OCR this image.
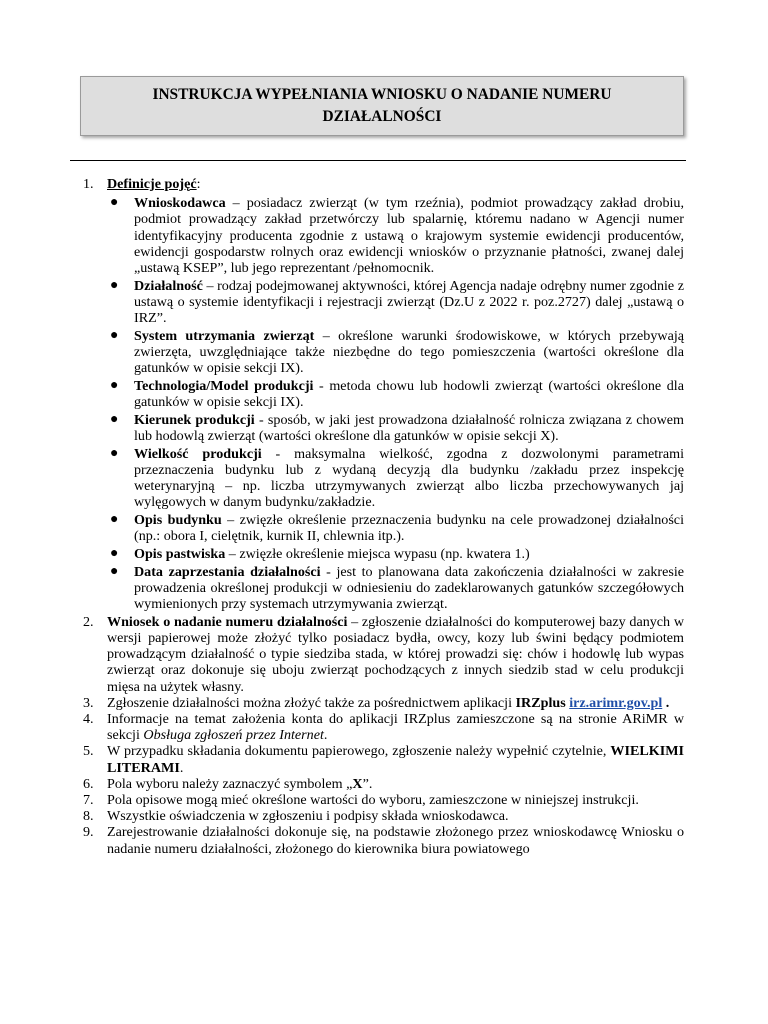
INSTRUKCJA WYPEŁNIANIA WNIOSKU O NADANIE NUMERU DZIAŁALNOŚCI
1. Definicje pojęć:
● Wnioskodawca – posiadacz zwierząt (w tym rzeźnia), podmiot prowadzący zakład drobiu, podmiot prowadzący zakład przetwórczy lub spalarnię, któremu nadano w Agencji numer identyfikacyjny producenta zgodnie z ustawą o krajowym systemie ewidencji producentów, ewidencji gospodarstw rolnych oraz ewidencji wniosków o przyznanie płatności, zwanej dalej „ustawą KSEP”, lub jego reprezentant /pełnomocnik.
● Działalność – rodzaj podejmowanej aktywności, której Agencja nadaje odrębny numer zgodnie z ustawą o systemie identyfikacji i rejestracji zwierząt (Dz.U z 2022 r. poz.2727) dalej „ustawą o IRZ”.
● System utrzymania zwierząt – określone warunki środowiskowe, w których przebywają zwierzęta, uwzględniające także niezbędne do tego pomieszczenia (wartości określone dla gatunków w opisie sekcji IX).
● Technologia/Model produkcji - metoda chowu lub hodowli zwierząt (wartości określone dla gatunków w opisie sekcji IX).
● Kierunek produkcji - sposób, w jaki jest prowadzona działalność rolnicza związana z chowem lub hodowlą zwierząt (wartości określone dla gatunków w opisie sekcji X).
● Wielkość produkcji - maksymalna wielkość, zgodna z dozwolonymi parametrami przeznaczenia budynku lub z wydaną decyzją dla budynku /zakładu przez inspekcję weterynaryjną – np. liczba utrzymywanych zwierząt albo liczba przechowywanych jaj wylęgowych w danym budynku/zakładzie.
● Opis budynku – zwięzłe określenie przeznaczenia budynku na cele prowadzonej działalności (np.: obora I, cielętnik, kurnik II, chlewnia itp.).
● Opis pastwiska – zwięzłe określenie miejsca wypasu (np. kwatera 1.)
● Data zaprzestania działalności - jest to planowana data zakończenia działalności w zakresie prowadzenia określonej produkcji w odniesieniu do zadeklarowanych gatunków szczegółowych wymienionych przy systemach utrzymywania zwierząt.
2. Wniosek o nadanie numeru działalności – zgłoszenie działalności do komputerowej bazy danych w wersji papierowej może złożyć tylko posiadacz bydła, owcy, kozy lub świni będący podmiotem prowadzącym działalność o typie siedziba stada, w której prowadzi się: chów i hodowlę lub wypas zwierząt oraz dokonuje się uboju zwierząt pochodzących z innych siedzib stad w celu produkcji mięsa na użytek własny.
3. Zgłoszenie działalności można złożyć także za pośrednictwem aplikacji IRZplus irz.arimr.gov.pl .
4. Informacje na temat założenia konta do aplikacji IRZplus zamieszczone są na stronie ARiMR w sekcji Obsługa zgłoszeń przez Internet.
5. W przypadku składania dokumentu papierowego, zgłoszenie należy wypełnić czytelnie, WIELKIMI LITERAMI.
6. Pola wyboru należy zaznaczyć symbolem „X”.
7. Pola opisowe mogą mieć określone wartości do wyboru, zamieszczone w niniejszej instrukcji.
8. Wszystkie oświadczenia w zgłoszeniu i podpisy składa wnioskodawca.
9. Zarejestrowanie działalności dokonuje się, na podstawie złożonego przez wnioskodawcę Wniosku o nadanie numeru działalności, złożonego do kierownika biura powiatowego
